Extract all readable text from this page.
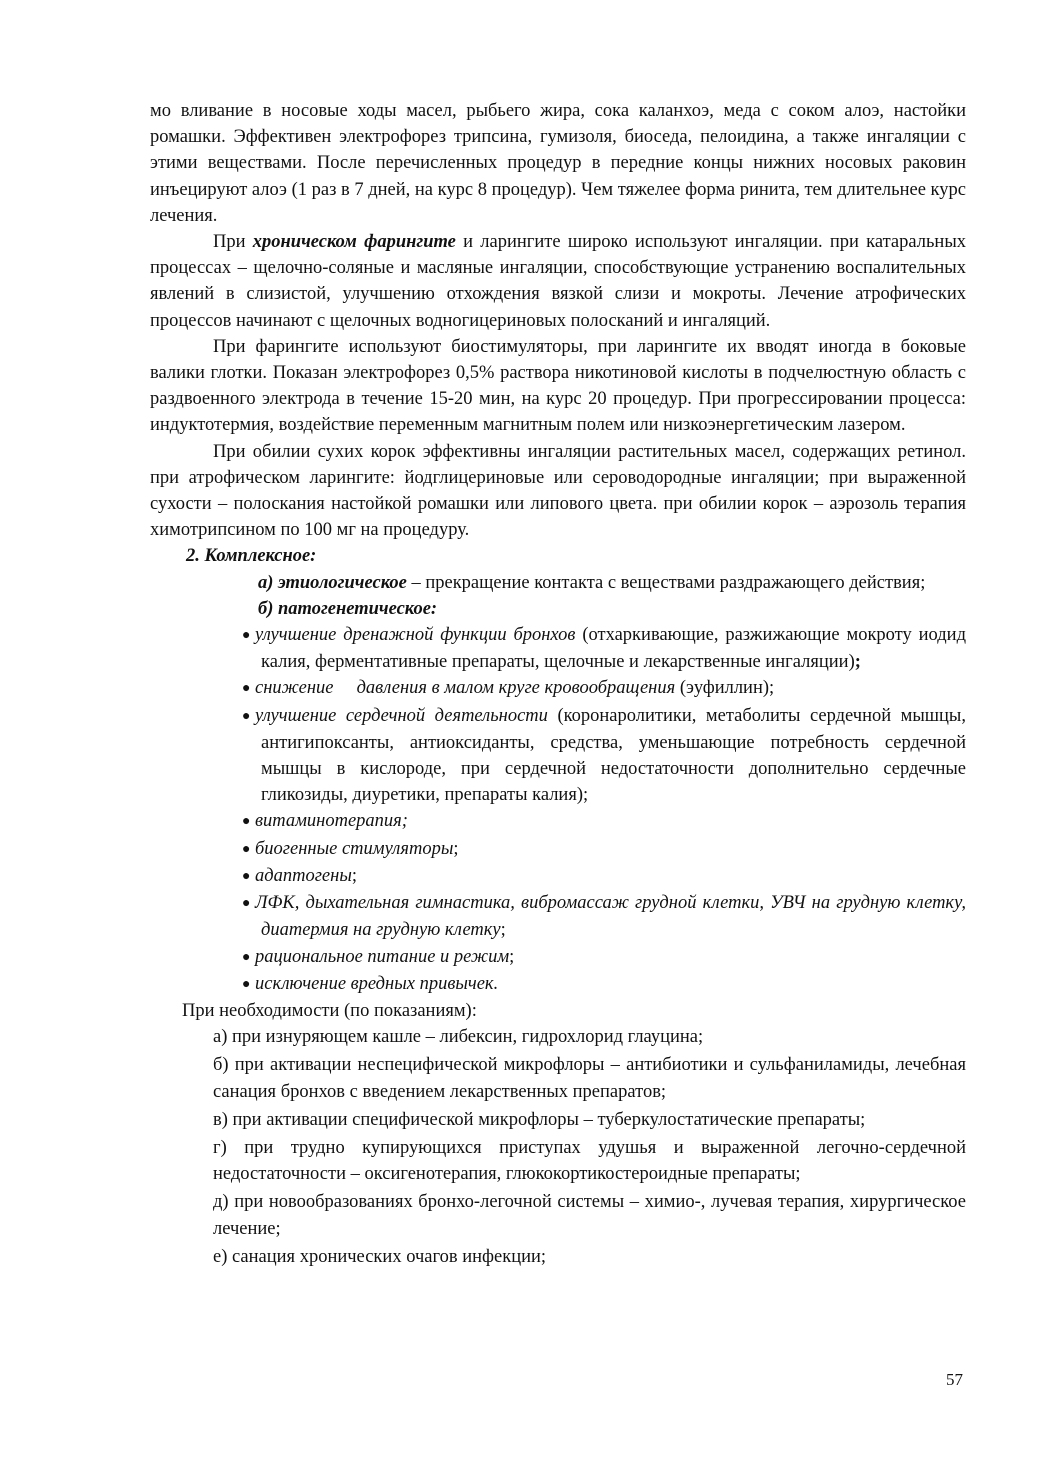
мо вливание в носовые ходы масел, рыбьего жира, сока каланхоэ, меда с соком алоэ, настойки ромашки. Эффективен электрофорез трипсина, гумизоля, биоседа, пелоидина, а также ингаляции с этими веществами. После перечисленных процедур в передние концы нижних носовых раковин инъецируют алоэ (1 раз в 7 дней, на курс 8 процедур). Чем тяжелее форма ринита, тем длительнее курс лечения.

При хроническом фарингите и ларингите широко используют ингаляции. при катаральных процессах – щелочно-соляные и масляные ингаляции, способствующие устранению воспалительных явлений в слизистой, улучшению отхождения вязкой слизи и мокроты. Лечение атрофических процессов начинают с щелочных водногицериновых полосканий и ингаляций.

При фарингите используют биостимуляторы, при ларингите их вводят иногда в боковые валики глотки. Показан электрофорез 0,5% раствора никотиновой кислоты в подчелюстную область с раздвоенного электрода в течение 15-20 мин, на курс 20 процедур. При прогрессировании процесса: индуктотермия, воздействие переменным магнитным полем или низкоэнергетическим лазером.

При обилии сухих корок эффективны ингаляции растительных масел, содержащих ретинол. при атрофическом ларингите: йодглицериновые или сероводородные ингаляции; при выраженной сухости – полоскания настойкой ромашки или липового цвета. при обилии корок – аэрозоль терапия химотрипсином по 100 мг на процедуру.

2. Комплексное:

а) этиологическое – прекращение контакта с веществами раздражающего действия;

б) патогенетическое:

● улучшение дренажной функции бронхов (отхаркивающие, разжижающие мокроту иодид калия, ферментативные препараты, щелочные и лекарственные ингаляции);
● снижение     давления в малом круге кровообращения (эуфиллин);
● улучшение сердечной деятельности (коронаролитики, метаболиты сердечной мышцы, антигипоксанты, антиоксиданты, средства, уменьшающие потребность сердечной мышцы в кислороде, при сердечной недостаточности дополнительно сердечные гликозиды, диуретики, препараты калия);
● витаминотерапия;
● биогенные стимуляторы;
● адаптогены;
● ЛФК, дыхательная гимнастика, вибромассаж грудной клетки, УВЧ на грудную клетку, диатермия на грудную клетку;
● рациональное питание и режим;
● исключение вредных привычек.

При необходимости (по показаниям):

а) при изнуряющем кашле – либексин, гидрохлорид глауцина;

б) при активации неспецифической микрофлоры – антибиотики и сульфаниламиды, лечебная санация бронхов с введением лекарственных препаратов;

в) при активации специфической микрофлоры – туберкулостатические препараты;

г) при трудно купирующихся приступах удушья и выраженной легочно-сердечной недостаточности – оксигенотерапия, глюкокортикостероидные препараты;

д) при новообразованиях бронхо-легочной системы – химио-, лучевая терапия, хирургическое лечение;

е) санация хронических очагов инфекции;

57
